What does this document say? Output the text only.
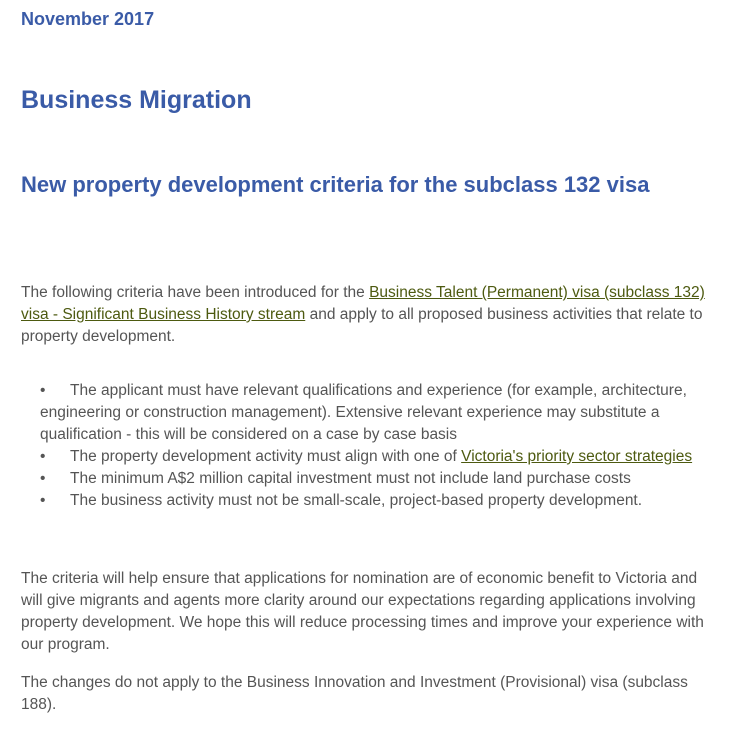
November 2017
Business Migration
New property development criteria for the subclass 132 visa

The following criteria have been introduced for the Business Talent (Permanent) visa (subclass 132) visa - Significant Business History stream and apply to all proposed business activities that relate to property development.

• The applicant must have relevant qualifications and experience (for example, architecture, engineering or construction management). Extensive relevant experience may substitute a qualification - this will be considered on a case by case basis
• The property development activity must align with one of Victoria's priority sector strategies
• The minimum A$2 million capital investment must not include land purchase costs
• The business activity must not be small-scale, project-based property development.

The criteria will help ensure that applications for nomination are of economic benefit to Victoria and will give migrants and agents more clarity around our expectations regarding applications involving property development. We hope this will reduce processing times and improve your experience with our program.

The changes do not apply to the Business Innovation and Investment (Provisional) visa (subclass 188).
